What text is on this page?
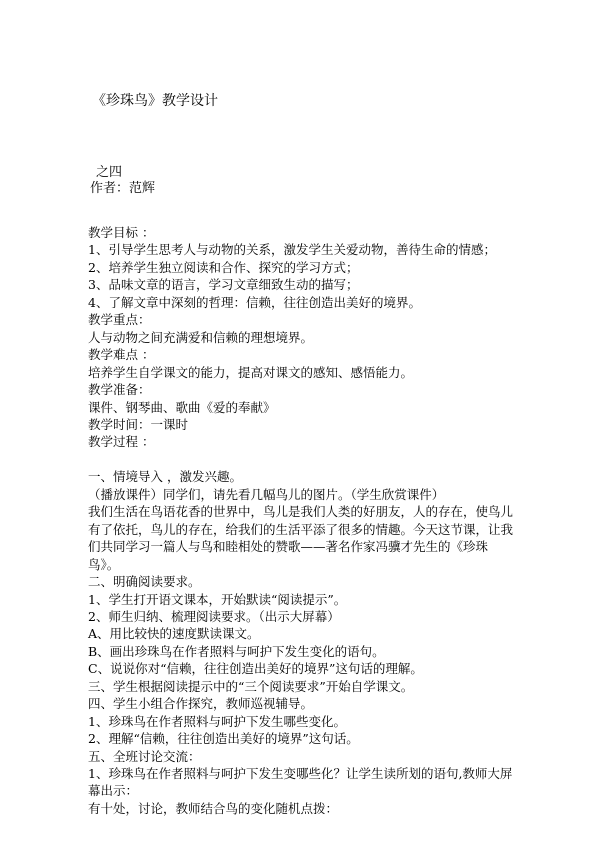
《珍珠鸟》教学设计
之四
作者：范辉
教学目标 ：
1、引导学生思考人与动物的关系，激发学生关爱动物，善待生命的情感；
2、培养学生独立阅读和合作、探究的学习方式；
3、品味文章的语言，学习文章细致生动的描写；
4、了解文章中深刻的哲理：信赖，往往创造出美好的境界。
教学重点：
人与动物之间充满爱和信赖的理想境界。
教学难点 ：
培养学生自学课文的能力，提高对课文的感知、感悟能力。
教学准备：
课件、钢琴曲、歌曲《爱的奉献》
教学时间：一课时
教学过程 ：
一、情境导入 ，激发兴趣。
（播放课件）同学们，请先看几幅鸟儿的图片。（学生欣赏课件）
我们生活在鸟语花香的世界中，鸟儿是我们人类的好朋友，人的存在，使鸟儿有了依托，鸟儿的存在，给我们的生活平添了很多的情趣。今天这节课，让我们共同学习一篇人与鸟和睦相处的赞歌——著名作家冯骥才先生的《珍珠鸟》。
二、明确阅读要求。
1、学生打开语文课本，开始默读“阅读提示”。
2、师生归纳、梳理阅读要求。（出示大屏幕）
A、用比较快的速度默读课文。
B、画出珍珠鸟在作者照料与呵护下发生变化的语句。
C、说说你对“信赖，往往创造出美好的境界”这句话的理解。
三、学生根据阅读提示中的“三个阅读要求”开始自学课文。
四、学生小组合作探究，教师巡视辅导。
1、珍珠鸟在作者照料与呵护下发生哪些变化。
2、理解“信赖，往往创造出美好的境界”这句话。
五、全班讨论交流：
1、珍珠鸟在作者照料与呵护下发生变哪些化？让学生读所划的语句,教师大屏幕出示：
有十处，讨论，教师结合鸟的变化随机点拨：
